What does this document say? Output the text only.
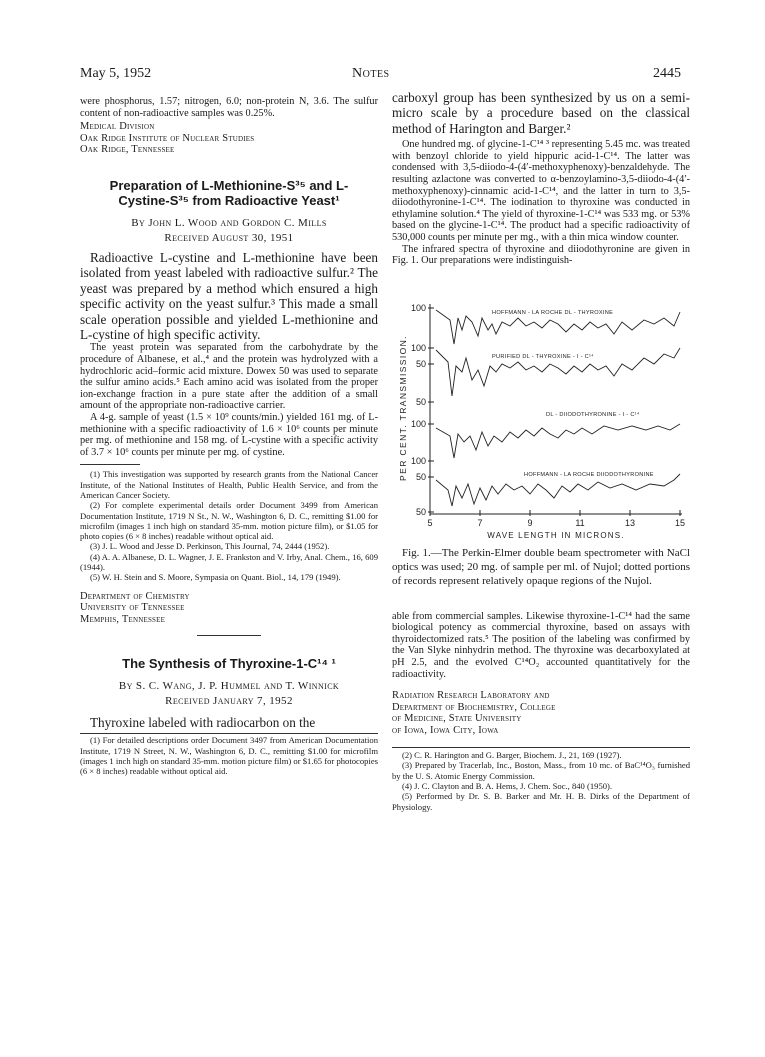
May 5, 1952	Notes	2445
were phosphorus, 1.57; nitrogen, 6.0; non-protein N, 3.6. The sulfur content of non-radioactive samples was 0.25%.
Medical Division
Oak Ridge Institute of Nuclear Studies
Oak Ridge, Tennessee
Preparation of L-Methionine-S³⁵ and L-Cystine-S³⁵ from Radioactive Yeast¹
By John L. Wood and Gordon C. Mills
Received August 30, 1951
Radioactive L-cystine and L-methionine have been isolated from yeast labeled with radioactive sulfur.² The yeast was prepared by a method which ensured a high specific activity on the yeast sulfur.³ This made a small scale operation possible and yielded L-methionine and L-cystine of high specific activity.
The yeast protein was separated from the carbohydrate by the procedure of Albanese, et al.,⁴ and the protein was hydrolyzed with a hydrochloric acid–formic acid mixture. Dowex 50 was used to separate the sulfur amino acids.⁵ Each amino acid was isolated from the proper ion-exchange fraction in a pure state after the addition of a small amount of the appropriate non-radioactive carrier.
A 4-g. sample of yeast (1.5 × 10⁹ counts/min.) yielded 161 mg. of L-methionine with a specific radioactivity of 1.6 × 10⁶ counts per minute per mg. of methionine and 158 mg. of L-cystine with a specific activity of 3.7 × 10⁶ counts per minute per mg. of cystine.
(1) This investigation was supported by research grants from the National Cancer Institute, of the National Institutes of Health, Public Health Service, and from the American Cancer Society.
(2) For complete experimental details order Document 3499 from American Documentation Institute, 1719 N St., N. W., Washington 6, D. C., remitting $1.00 for microfilm (images 1 inch high on standard 35-mm. motion picture film), or $1.05 for photo copies (6 × 8 inches) readable without optical aid.
(3) J. L. Wood and Jesse D. Perkinson, This Journal, 74, 2444 (1952).
(4) A. A. Albanese, D. L. Wagner, J. E. Frankston and V. Irby, Anal. Chem., 16, 609 (1944).
(5) W. H. Stein and S. Moore, Sympasia on Quant. Biol., 14, 179 (1949).
Department of Chemistry
University of Tennessee
Memphis, Tennessee
The Synthesis of Thyroxine-1-C¹⁴ ¹
By S. C. Wang, J. P. Hummel and T. Winnick
Received January 7, 1952
Thyroxine labeled with radiocarbon on the
(1) For detailed descriptions order Document 3497 from American Documentation Institute, 1719 N Street, N. W., Washington 6, D. C., remitting $1.00 for microfilm (images 1 inch high on standard 35-mm. motion picture film) or $1.65 for photocopies (6 × 8 inches) readable without optical aid.
carboxyl group has been synthesized by us on a semi-micro scale by a procedure based on the classical method of Harington and Barger.²
One hundred mg. of glycine-1-C¹⁴ ³ representing 5.45 mc. was treated with benzoyl chloride to yield hippuric acid-1-C¹⁴. The latter was condensed with 3,5-diiodo-4-(4′-methoxyphenoxy)-benzaldehyde. The resulting azlactone was converted to α-benzoylamino-3,5-diiodo-4-(4′-methoxyphenoxy)-cinnamic acid-1-C¹⁴, and the latter in turn to 3,5-diiodothyronine-1-C¹⁴. The iodination to thyroxine was conducted in ethylamine solution.⁴ The yield of thyroxine-1-C¹⁴ was 533 mg. or 53% based on the glycine-1-C¹⁴. The product had a specific radioactivity of 530,000 counts per minute per mg., with a thin mica window counter.
The infrared spectra of thyroxine and diiodothyronine are given in Fig. 1. Our preparations were indistinguish-
100
100
50
50
100
100
50
50
HOFFMANN - LA ROCHE DL - THYROXINE
PURIFIED DL - THYROXINE - I - C¹⁴
DL - DIIODOTHYRONINE - I - C¹⁴
HOFFMANN - LA ROCHE DIIODOTHYRONINE
PER CENT. TRANSMISSION.
5	7	9	11	13	15
WAVE LENGTH IN MICRONS.
Fig. 1.—The Perkin-Elmer double beam spectrometer with NaCl optics was used; 20 mg. of sample per ml. of Nujol; dotted portions of records represent relatively opaque regions of the Nujol.
able from commercial samples. Likewise thyroxine-1-C¹⁴ had the same biological potency as commercial thyroxine, based on assays with thyroidectomized rats.⁵ The position of the labeling was confirmed by the Van Slyke ninhydrin method. The thyroxine was decarboxylated at pH 2.5, and the evolved C¹⁴O₂ accounted quantitatively for the radioactivity.
Radiation Research Laboratory and
Department of Biochemistry, College
of Medicine, State University
of Iowa, Iowa City, Iowa
(2) C. R. Harington and G. Barger, Biochem. J., 21, 169 (1927).
(3) Prepared by Tracerlab, Inc., Boston, Mass., from 10 mc. of BaC¹⁴O₃ furnished by the U. S. Atomic Energy Commission.
(4) J. C. Clayton and B. A. Hems, J. Chem. Soc., 840 (1950).
(5) Performed by Dr. S. B. Barker and Mr. H. B. Dirks of the Department of Physiology.
